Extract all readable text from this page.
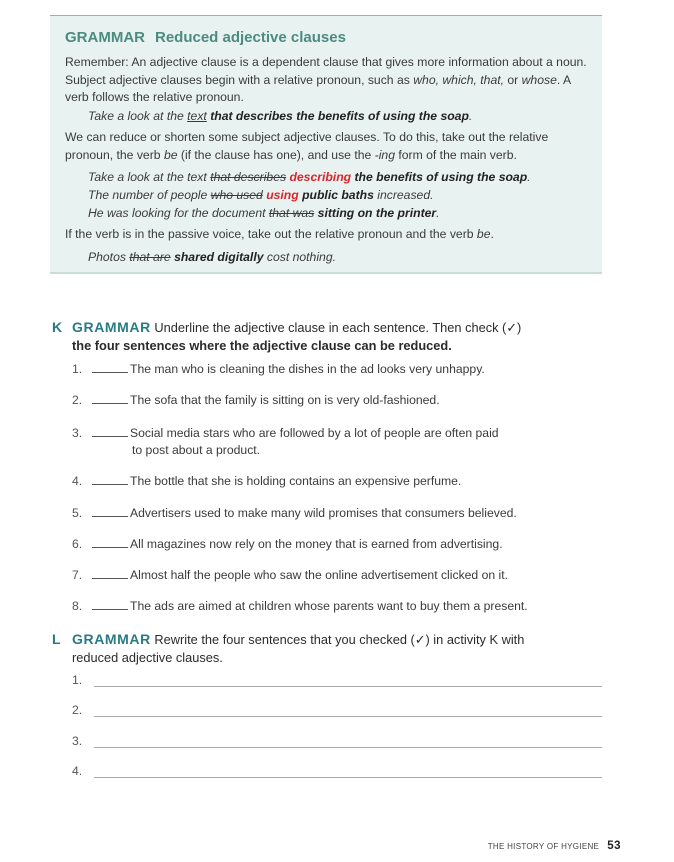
GRAMMAR Reduced adjective clauses
Remember: An adjective clause is a dependent clause that gives more information about a noun. Subject adjective clauses begin with a relative pronoun, such as who, which, that, or whose. A verb follows the relative pronoun.
Take a look at the text that describes the benefits of using the soap.
We can reduce or shorten some subject adjective clauses. To do this, take out the relative pronoun, the verb be (if the clause has one), and use the -ing form of the main verb.
Take a look at the text that describes describing the benefits of using the soap.
The number of people who used using public baths increased.
He was looking for the document that was sitting on the printer.
If the verb is in the passive voice, take out the relative pronoun and the verb be.
Photos that are shared digitally cost nothing.
K GRAMMAR Underline the adjective clause in each sentence. Then check (✓)
the four sentences where the adjective clause can be reduced.
1.	The man who is cleaning the dishes in the ad looks very unhappy.
2.	The sofa that the family is sitting on is very old-fashioned.
3.	Social media stars who are followed by a lot of people are often paid
to post about a product.
4.	The bottle that she is holding contains an expensive perfume.
5.	Advertisers used to make many wild promises that consumers believed.
6.	All magazines now rely on the money that is earned from advertising.
7.	Almost half the people who saw the online advertisement clicked on it.
8.	The ads are aimed at children whose parents want to buy them a present.
L GRAMMAR Rewrite the four sentences that you checked (✓) in activity K with
reduced adjective clauses.
1.
2.
3.
4.
THE HISTORY OF HYGIENE 53
